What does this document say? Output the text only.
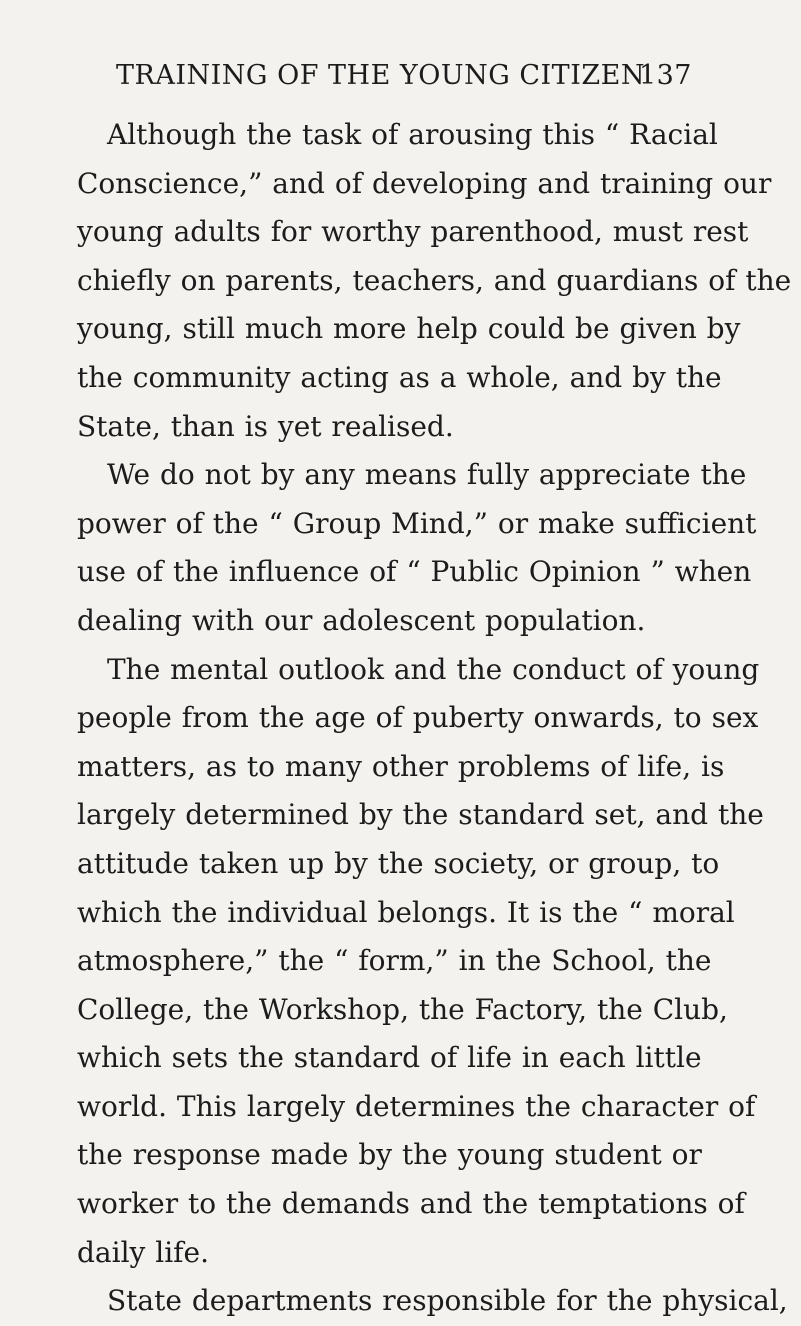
TRAINING OF THE YOUNG CITIZEN
137
Although the task of arousing this “ Racial
Conscience,” and of developing and training our
young adults for worthy parenthood, must rest
chiefly on parents, teachers, and guardians of the
young, still much more help could be given by
the community acting as a whole, and by the
State, than is yet realised.
We do not by any means fully appreciate the
power of the “ Group Mind,” or make sufficient
use of the influence of “ Public Opinion ” when
dealing with our adolescent population.
The mental outlook and the conduct of young
people from the age of puberty onwards, to sex
matters, as to many other problems of life, is
largely determined by the standard set, and the
attitude taken up by the society, or group, to
which the individual belongs. It is the “ moral
atmosphere,” the “ form,” in the School, the
College, the Workshop, the Factory, the Club,
which sets the standard of life in each little
world. This largely determines the character of
the response made by the young student or
worker to the demands and the temptations of
daily life.
State departments responsible for the physical,
